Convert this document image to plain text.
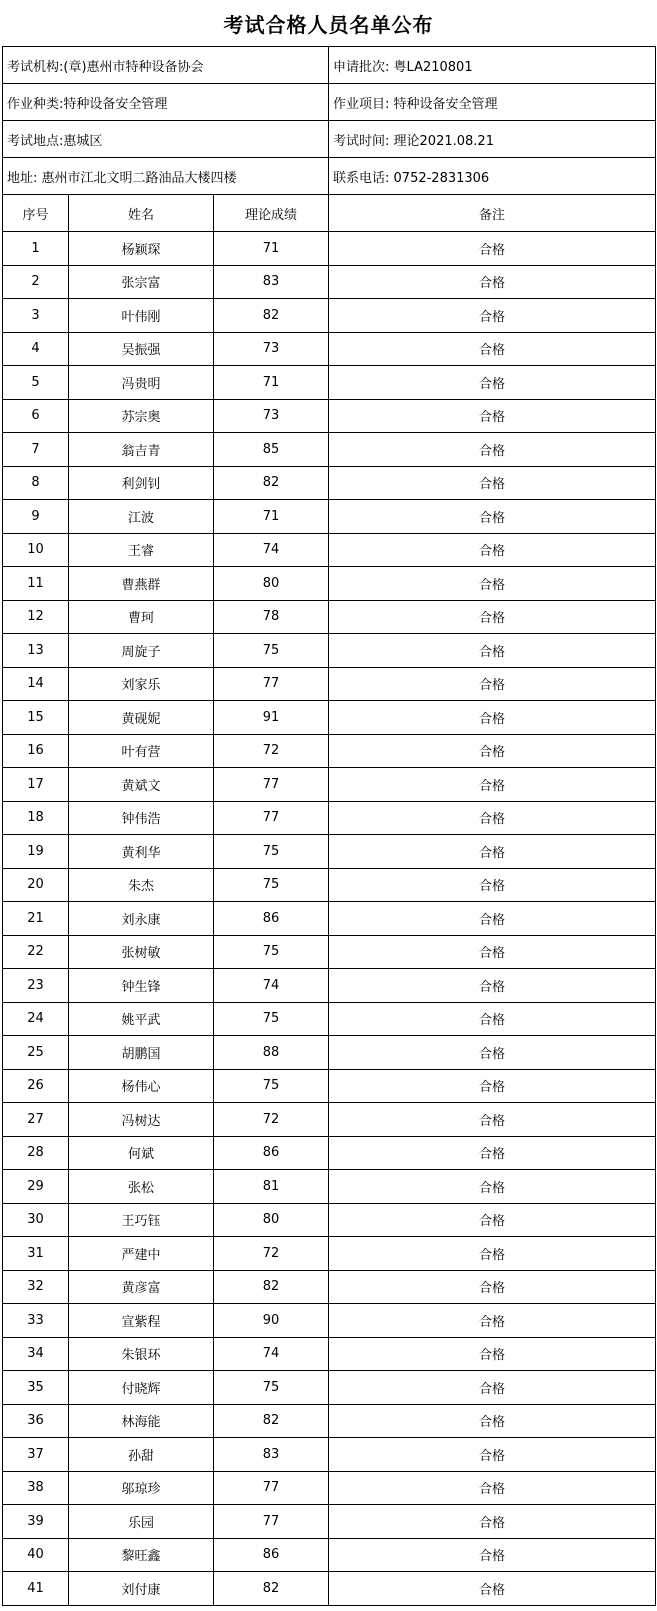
考试合格人员名单公布
考试机构:(章)惠州市特种设备协会			申请批次: 粤LA210801
作业种类:特种设备安全管理			作业项目: 特种设备安全管理
考试地点:惠城区			考试时间: 理论2021.08.21
地址: 惠州市江北文明二路油品大楼四楼			联系电话: 0752-2831306
序号	姓名	理论成绩	备注
1	杨颖琛	71	合格
2	张宗富	83	合格
3	叶伟刚	82	合格
4	吴振强	73	合格
5	冯贵明	71	合格
6	苏宗奥	73	合格
7	翁吉青	85	合格
8	利剑钊	82	合格
9	江波	71	合格
10	王睿	74	合格
11	曹燕群	80	合格
12	曹珂	78	合格
13	周旋子	75	合格
14	刘家乐	77	合格
15	黄砚妮	91	合格
16	叶有营	72	合格
17	黄斌文	77	合格
18	钟伟浩	77	合格
19	黄利华	75	合格
20	朱杰	75	合格
21	刘永康	86	合格
22	张树敏	75	合格
23	钟生锋	74	合格
24	姚平武	75	合格
25	胡鹏国	88	合格
26	杨伟心	75	合格
27	冯树达	72	合格
28	何斌	86	合格
29	张松	81	合格
30	王巧钰	80	合格
31	严建中	72	合格
32	黄彦富	82	合格
33	宣紫程	90	合格
34	朱银环	74	合格
35	付晓辉	75	合格
36	林海能	82	合格
37	孙甜	83	合格
38	邬琼珍	77	合格
39	乐园	77	合格
40	黎旺鑫	86	合格
41	刘付康	82	合格
